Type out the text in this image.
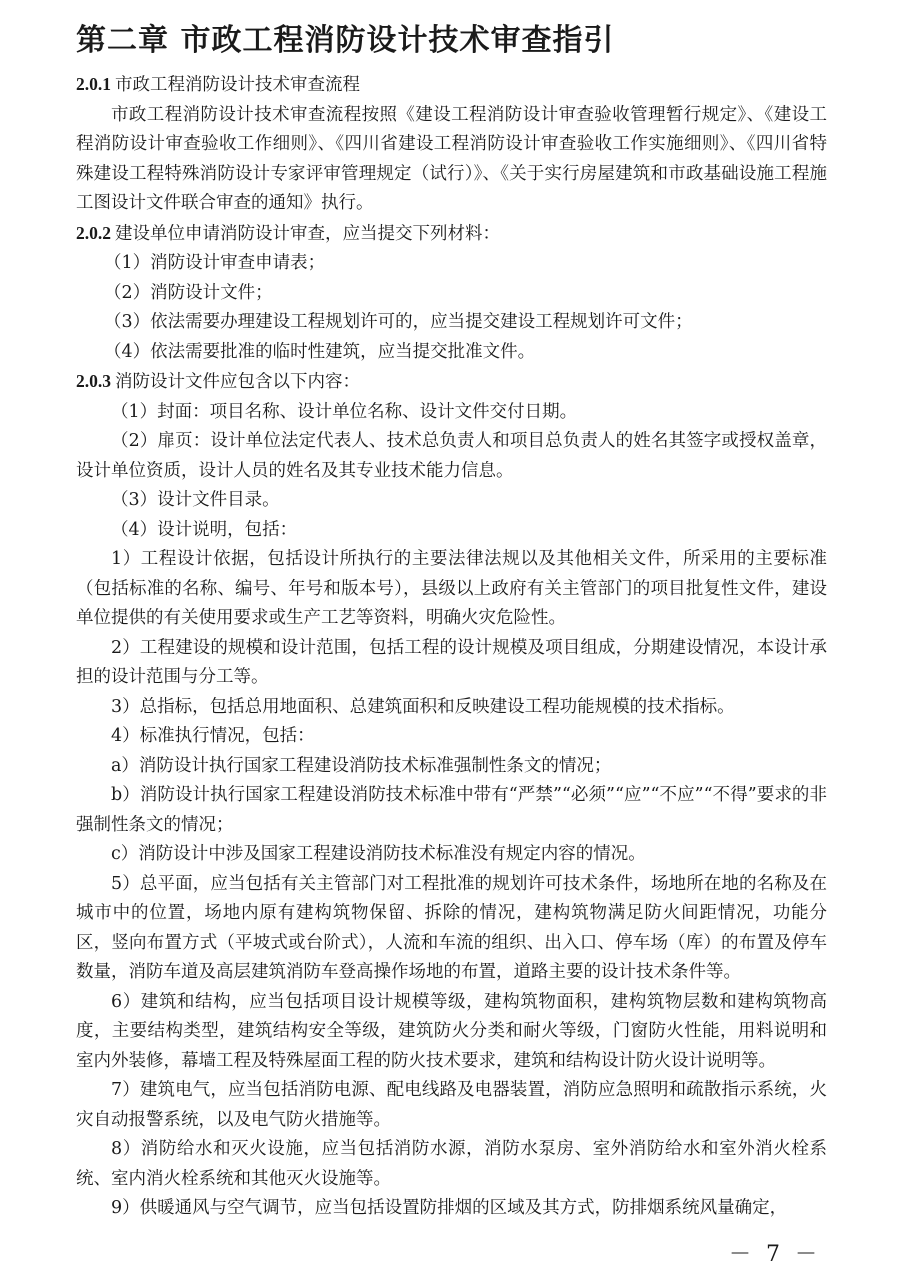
第二章 市政工程消防设计技术审查指引

2.0.1 市政工程消防设计技术审查流程

市政工程消防设计技术审查流程按照《建设工程消防设计审查验收管理暂行规定》、《建设工程消防设计审查验收工作细则》、《四川省建设工程消防设计审查验收工作实施细则》、《四川省特殊建设工程特殊消防设计专家评审管理规定（试行）》、《关于实行房屋建筑和市政基础设施工程施工图设计文件联合审查的通知》执行。

2.0.2 建设单位申请消防设计审查，应当提交下列材料：

（1）消防设计审查申请表；

（2）消防设计文件；

（3）依法需要办理建设工程规划许可的，应当提交建设工程规划许可文件；

（4）依法需要批准的临时性建筑，应当提交批准文件。

2.0.3 消防设计文件应包含以下内容：

（1）封面：项目名称、设计单位名称、设计文件交付日期。

（2）扉页：设计单位法定代表人、技术总负责人和项目总负责人的姓名其签字或授权盖章，设计单位资质，设计人员的姓名及其专业技术能力信息。

（3）设计文件目录。

（4）设计说明，包括：

1）工程设计依据，包括设计所执行的主要法律法规以及其他相关文件，所采用的主要标准（包括标准的名称、编号、年号和版本号），县级以上政府有关主管部门的项目批复性文件，建设单位提供的有关使用要求或生产工艺等资料，明确火灾危险性。

2）工程建设的规模和设计范围，包括工程的设计规模及项目组成，分期建设情况，本设计承担的设计范围与分工等。

3）总指标，包括总用地面积、总建筑面积和反映建设工程功能规模的技术指标。

4）标准执行情况，包括：

a）消防设计执行国家工程建设消防技术标准强制性条文的情况；

b）消防设计执行国家工程建设消防技术标准中带有“严禁”“必须”“应”“不应”“不得”要求的非强制性条文的情况；

c）消防设计中涉及国家工程建设消防技术标准没有规定内容的情况。

5）总平面，应当包括有关主管部门对工程批准的规划许可技术条件，场地所在地的名称及在城市中的位置，场地内原有建构筑物保留、拆除的情况，建构筑物满足防火间距情况，功能分区，竖向布置方式（平坡式或台阶式），人流和车流的组织、出入口、停车场（库）的布置及停车数量，消防车道及高层建筑消防车登高操作场地的布置，道路主要的设计技术条件等。

6）建筑和结构，应当包括项目设计规模等级，建构筑物面积，建构筑物层数和建构筑物高度，主要结构类型，建筑结构安全等级，建筑防火分类和耐火等级，门窗防火性能，用料说明和室内外装修，幕墙工程及特殊屋面工程的防火技术要求，建筑和结构设计防火设计说明等。

7）建筑电气，应当包括消防电源、配电线路及电器装置，消防应急照明和疏散指示系统，火灾自动报警系统，以及电气防火措施等。

8）消防给水和灭火设施，应当包括消防水源，消防水泵房、室外消防给水和室外消火栓系统、室内消火栓系统和其他灭火设施等。

9）供暖通风与空气调节，应当包括设置防排烟的区域及其方式，防排烟系统风量确定，

－ 7 －
